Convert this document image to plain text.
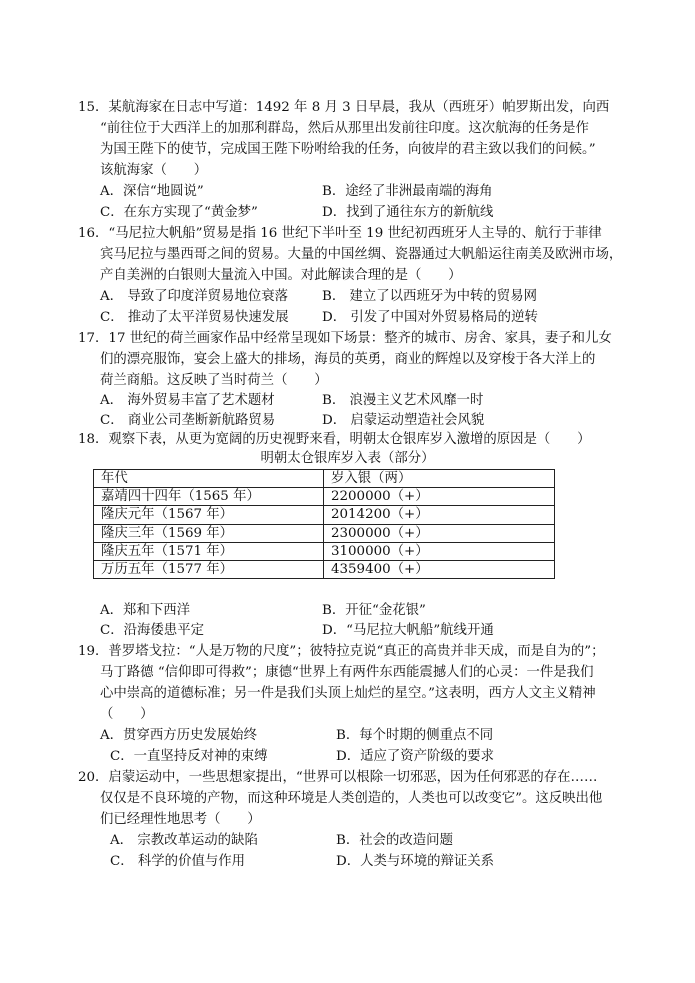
15．某航海家在日志中写道：1492 年 8 月 3 日早晨，我从（西班牙）帕罗斯出发，向西
“前往位于大西洋上的加那利群岛，然后从那里出发前往印度。这次航海的任务是作
为国王陛下的使节，完成国王陛下吩咐给我的任务，向彼岸的君主致以我们的问候。”
该航海家（　　）
A．深信“地圆说”	B．途经了非洲最南端的海角
C．在东方实现了“黄金梦”	D．找到了通往东方的新航线
16．“马尼拉大帆船”贸易是指 16 世纪下半叶至 19 世纪初西班牙人主导的、航行于菲律
宾马尼拉与墨西哥之间的贸易。大量的中国丝绸、瓷器通过大帆船运往南美及欧洲市场，
产自美洲的白银则大量流入中国。对此解读合理的是（　　）
A． 导致了印度洋贸易地位衰落	B． 建立了以西班牙为中转的贸易网
C． 推动了太平洋贸易快速发展 D． 引发了中国对外贸易格局的逆转
17．17 世纪的荷兰画家作品中经常呈现如下场景：整齐的城市、房舍、家具，妻子和儿女
们的漂亮服饰，宴会上盛大的排场，海员的英勇，商业的辉煌以及穿梭于各大洋上的
荷兰商船。这反映了当时荷兰（　　）
A． 海外贸易丰富了艺术题材	B． 浪漫主义艺术风靡一时
C． 商业公司垄断新航路贸易	D． 启蒙运动塑造社会风貌
18．观察下表，从更为宽阔的历史视野来看，明朝太仓银库岁入激增的原因是（　　）
明朝太仓银库岁入表（部分）
年代	岁入银（两）
嘉靖四十四年（1565 年）	2200000（+）
隆庆元年（1567 年）	2014200（+）
隆庆三年（1569 年）	2300000（+）
隆庆五年（1571 年）	3100000（+）
万历五年（1577 年）	4359400（+）
A．郑和下西洋	B．开征“金花银”
C．沿海倭患平定	D．“马尼拉大帆船”航线开通
19．普罗塔戈拉：“人是万物的尺度”；彼特拉克说“真正的高贵并非天成，而是自为的”；
马丁路德 “信仰即可得救”；康德“世界上有两件东西能震撼人们的心灵：一件是我们
心中崇高的道德标准；另一件是我们头顶上灿烂的星空。”这表明，西方人文主义精神
（　　）
A．贯穿西方历史发展始终	B．每个时期的侧重点不同
C．一直坚持反对神的束缚	D．适应了资产阶级的要求
20．启蒙运动中，一些思想家提出，“世界可以根除一切邪恶，因为任何邪恶的存在……
仅仅是不良环境的产物，而这种环境是人类创造的，人类也可以改变它”。这反映出他
们已经理性地思考（　　）
A． 宗教改革运动的缺陷	B．社会的改造问题
C． 科学的价值与作用	D．人类与环境的辩证关系
